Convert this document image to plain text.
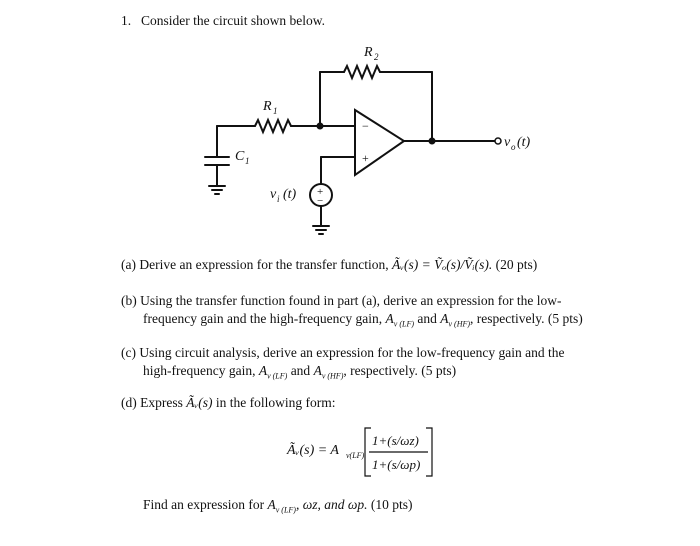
1. Consider the circuit shown below.
−
+
+
−
R 2
R 1
C 1
v i (t)
v o (t)
Ãᵥ(s) = A v(LF)
1+(s/ωz)
1+(s/ωp)
(a) Derive an expression for the transfer function, Ãᵥ(s) = Ṽₒ(s)/Ṽᵢ(s). (20 pts)
(b) Using the transfer function found in part (a), derive an expression for the low-
frequency gain and the high-frequency gain, $A_{v (LF)}$ and $A_{v (HF)}$, respectively. (5 pts)
(c) Using circuit analysis, derive an expression for the low-frequency gain and the
high-frequency gain, $A_{v (LF)}$ and $A_{v (HF)}$, respectively. (5 pts)
(d) Express Ãᵥ(s) in the following form:
Find an expression for $A_{v (LF)}$, ωz, and ωp. (10 pts)
